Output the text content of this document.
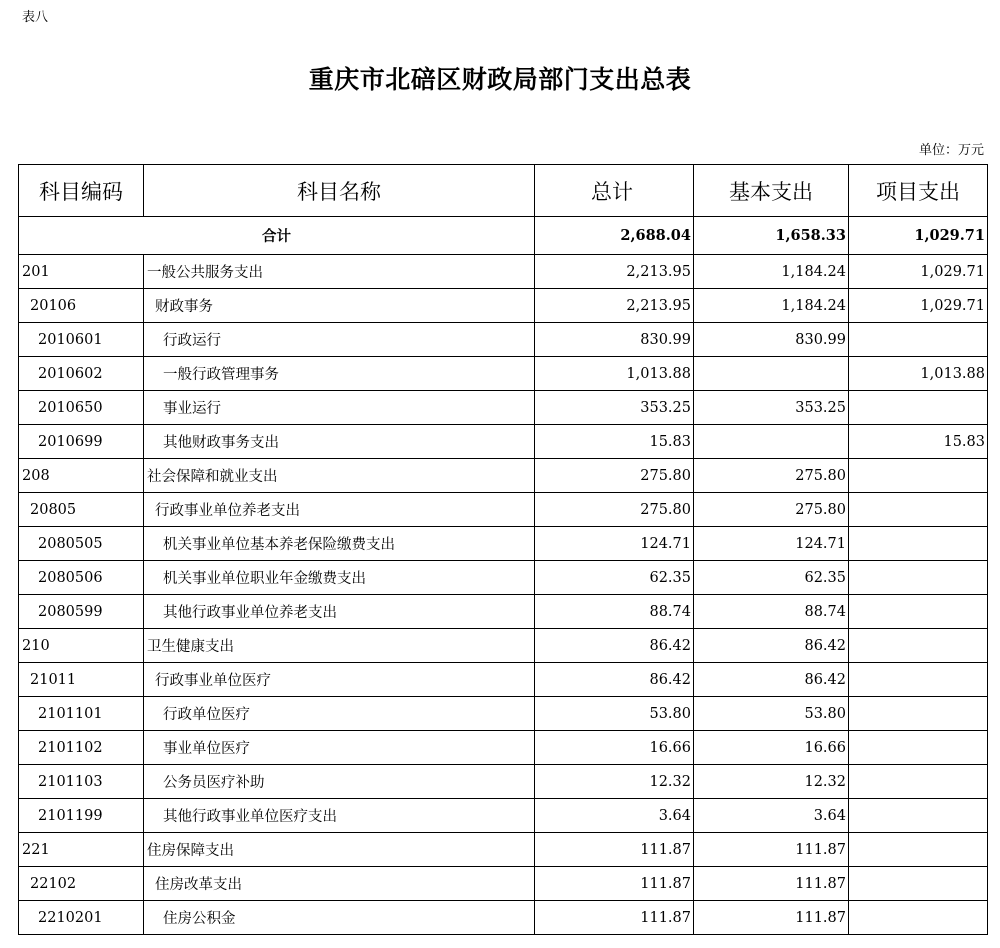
表八
重庆市北碚区财政局部门支出总表
单位：万元
科目编码	科目名称	总计	基本支出	项目支出
合计		2,688.04	1,658.33	1,029.71
201	一般公共服务支出	2,213.95	1,184.24	1,029.71
20106	财政事务	2,213.95	1,184.24	1,029.71
2010601	行政运行	830.99	830.99	
2010602	一般行政管理事务	1,013.88		1,013.88
2010650	事业运行	353.25	353.25	
2010699	其他财政事务支出	15.83		15.83
208	社会保障和就业支出	275.80	275.80	
20805	行政事业单位养老支出	275.80	275.80	
2080505	机关事业单位基本养老保险缴费支出	124.71	124.71	
2080506	机关事业单位职业年金缴费支出	62.35	62.35	
2080599	其他行政事业单位养老支出	88.74	88.74	
210	卫生健康支出	86.42	86.42	
21011	行政事业单位医疗	86.42	86.42	
2101101	行政单位医疗	53.80	53.80	
2101102	事业单位医疗	16.66	16.66	
2101103	公务员医疗补助	12.32	12.32	
2101199	其他行政事业单位医疗支出	3.64	3.64	
221	住房保障支出	111.87	111.87	
22102	住房改革支出	111.87	111.87	
2210201	住房公积金	111.87	111.87	
